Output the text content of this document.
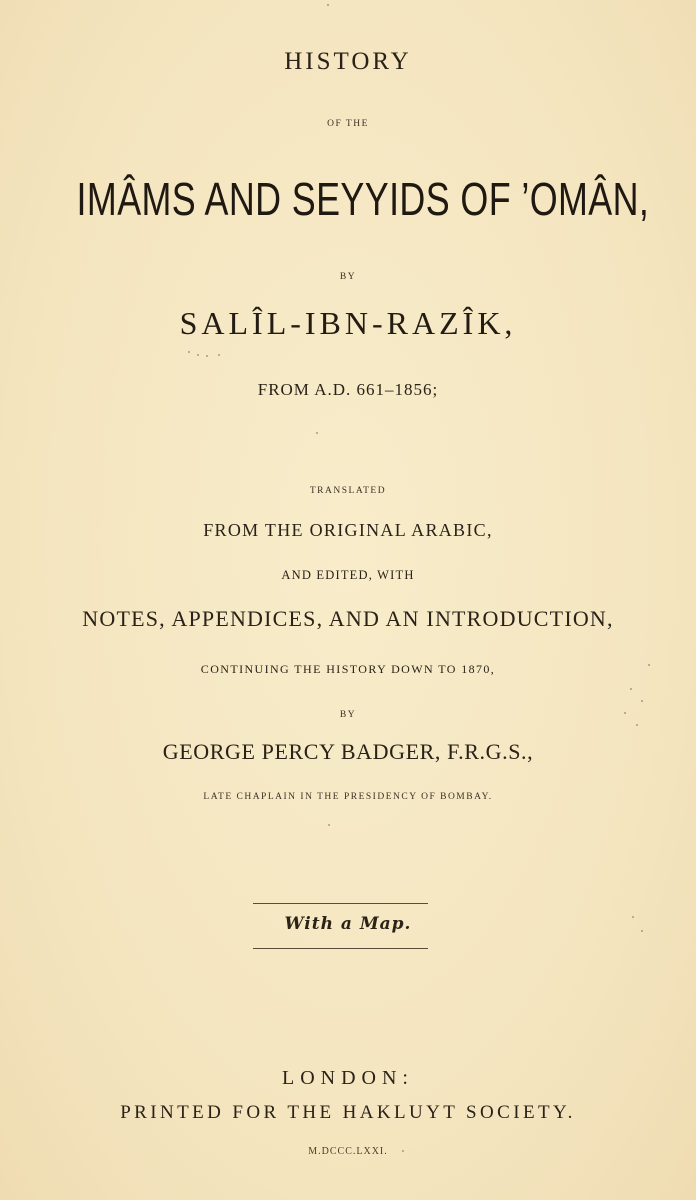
HISTORY
OF THE
IMÂMS AND SEYYIDS OF ’OMÂN,
BY
SALÎL-IBN-RAZÎK,
FROM A.D. 661–1856;
TRANSLATED
FROM THE ORIGINAL ARABIC,
AND EDITED, WITH
NOTES, APPENDICES, AND AN INTRODUCTION,
CONTINUING THE HISTORY DOWN TO 1870,
BY
GEORGE PERCY BADGER, F.R.G.S.,
LATE CHAPLAIN IN THE PRESIDENCY OF BOMBAY.
With a Map.
LONDON:
PRINTED FOR THE HAKLUYT SOCIETY.
M.DCCC.LXXI.
